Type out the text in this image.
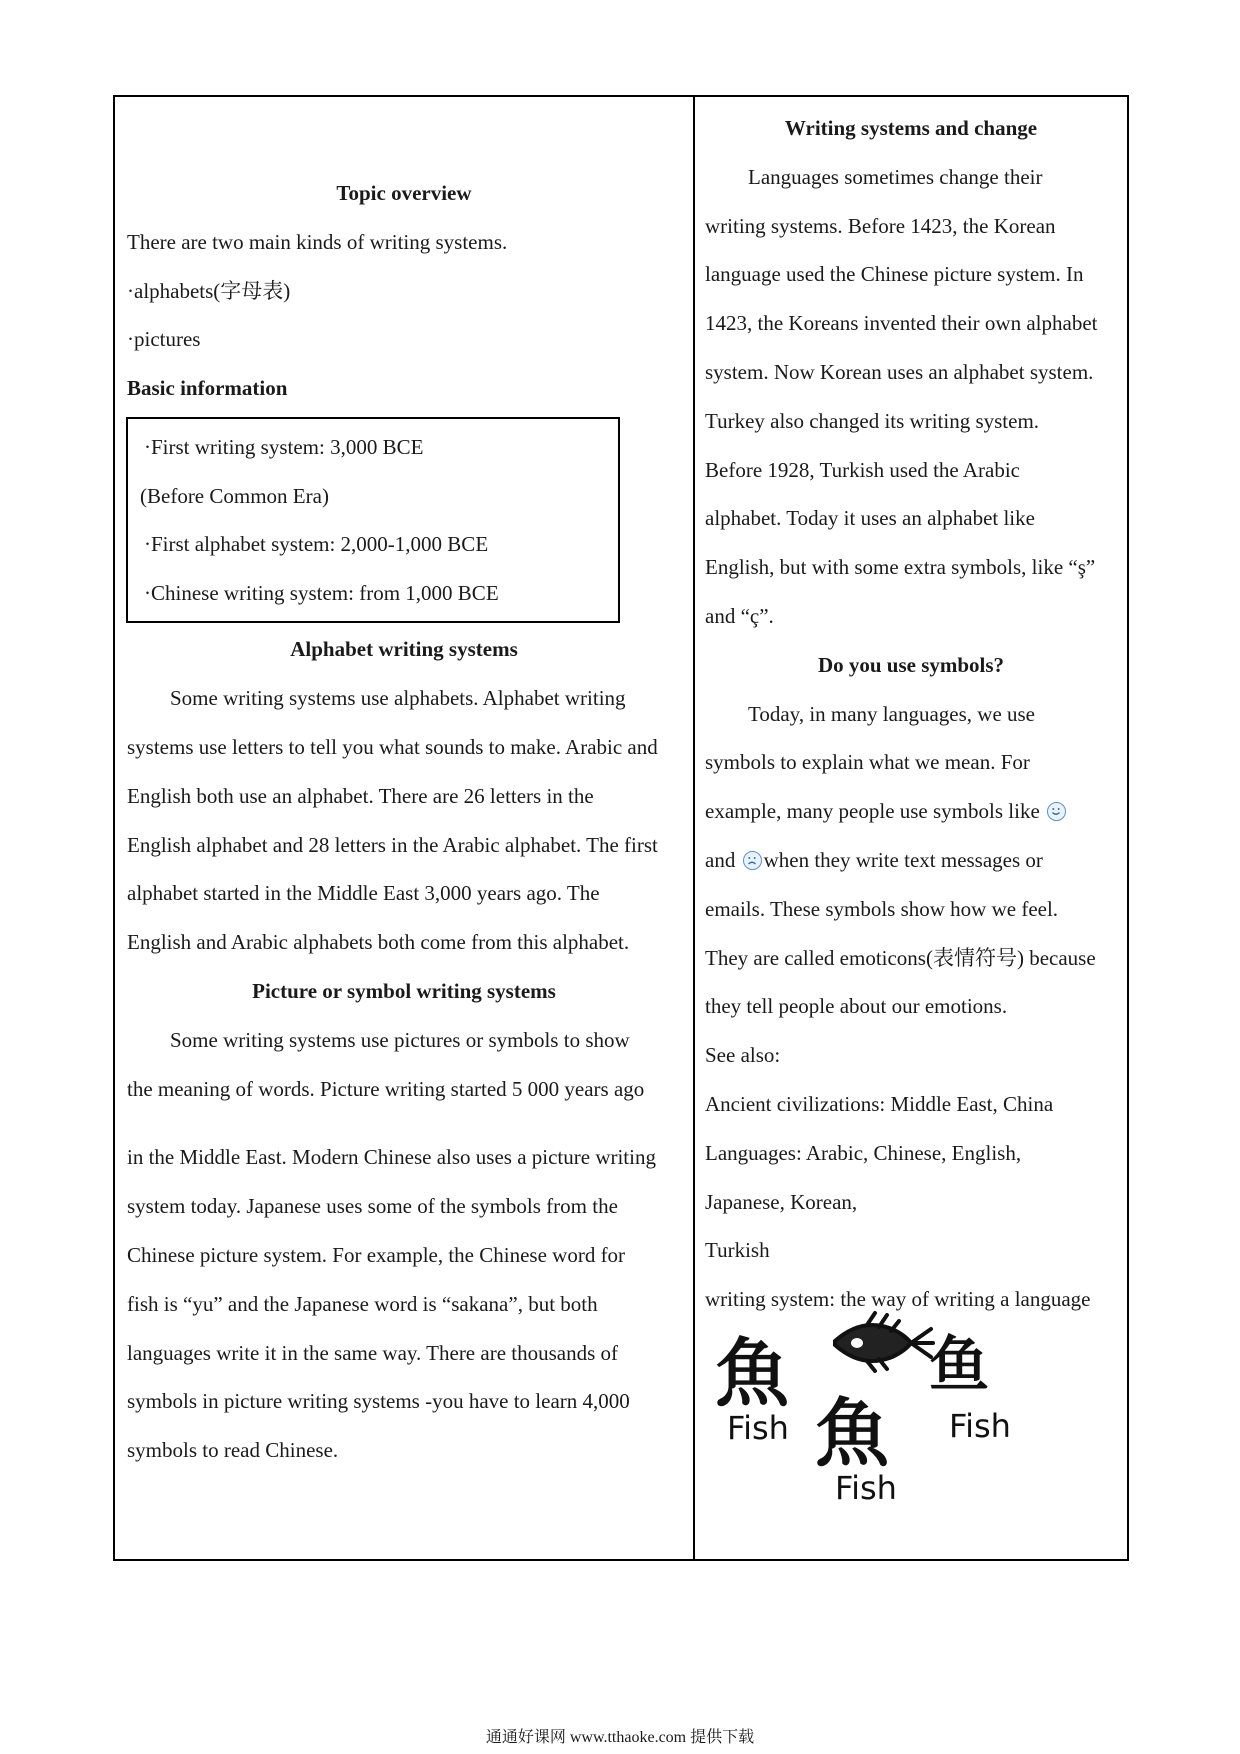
Topic overview
There are two main kinds of writing systems.
·alphabets(字母表)
·pictures
Basic information
·First writing system: 3,000 BCE
(Before Common Era)
·First alphabet system: 2,000-1,000 BCE
·Chinese writing system: from 1,000 BCE
Alphabet writing systems
Some writing systems use alphabets. Alphabet writing
systems use letters to tell you what sounds to make. Arabic and
English both use an alphabet. There are 26 letters in the
English alphabet and 28 letters in the Arabic alphabet. The first
alphabet started in the Middle East 3,000 years ago. The
English and Arabic alphabets both come from this alphabet.
Picture or symbol writing systems
Some writing systems use pictures or symbols to show
the meaning of words. Picture writing started 5 000 years ago
in the Middle East. Modern Chinese also uses a picture writing
system today. Japanese uses some of the symbols from the
Chinese picture system. For example, the Chinese word for
fish is “yu” and the Japanese word is “sakana”, but both
languages write it in the same way. There are thousands of
symbols in picture writing systems -you have to learn 4,000
symbols to read Chinese.
Writing systems and change
Languages sometimes change their
writing systems. Before 1423, the Korean
language used the Chinese picture system. In
1423, the Koreans invented their own alphabet
system. Now Korean uses an alphabet system.
Turkey also changed its writing system.
Before 1928, Turkish used the Arabic
alphabet. Today it uses an alphabet like
English, but with some extra symbols, like “ş”
and “ç”.
Do you use symbols?
Today, in many languages, we use
symbols to explain what we mean. For
example, many people use symbols like
and
when they write text messages or
emails. These symbols show how we feel.
They are called emoticons(表情符号) because
they tell people about our emotions.
See also:
Ancient civilizations: Middle East, China
Languages: Arabic, Chinese, English,
Japanese, Korean,
Turkish
writing system: the way of writing a language
魚
魚
鱼
Fish	Fish
Fish
通通好课网 www.tthaoke.com 提供下载
